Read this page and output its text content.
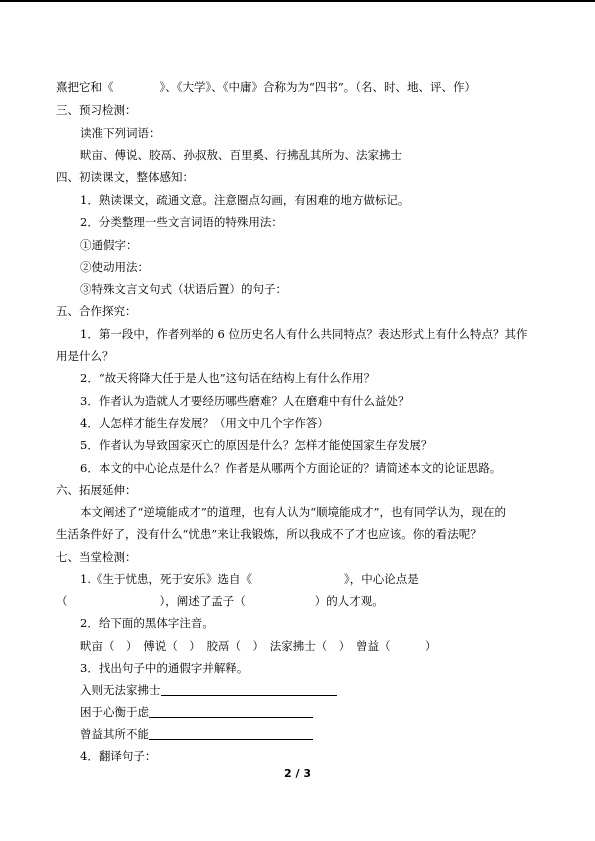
熹把它和《　　　　》、《大学》、《中庸》合称为为“四书”。（名、时、地、评、作）
三、预习检测：
读准下列词语：
畎亩、傅说、胶鬲、孙叔敖、百里奚、行拂乱其所为、法家拂士
四、初读课文，整体感知：
1．熟读课文，疏通文意。注意圈点勾画，有困难的地方做标记。
2．分类整理一些文言词语的特殊用法：
①通假字：
②使动用法：
③特殊文言文句式（状语后置）的句子：
五、合作探究：
1．第一段中，作者列举的 6 位历史名人有什么共同特点？表达形式上有什么特点？其作
用是什么？
2．“故天将降大任于是人也”这句话在结构上有什么作用？
3．作者认为造就人才要经历哪些磨难？人在磨难中有什么益处？
4．人怎样才能生存发展？（用文中几个字作答）
5．作者认为导致国家灭亡的原因是什么？怎样才能使国家生存发展？
6．本文的中心论点是什么？作者是从哪两个方面论证的？请简述本文的论证思路。
六、拓展延伸：
本文阐述了“逆境能成才”的道理，也有人认为“顺境能成才”，也有同学认为，现在的
生活条件好了，没有什么“忧患”来让我锻炼，所以我成不了才也应该。你的看法呢？
七、当堂检测：
1.《生于忧患，死于安乐》选自《　　　　　　　　》，中心论点是
（　　　　　　　　），阐述了孟子（　　　　　　）的人才观。
2．给下面的黑体字注音。
畎亩（　）　傅说（　）　胶鬲（　）　法家拂士（　）　曾益（　　　）
3．找出句子中的通假字并解释。
入则无法家拂士
困于心衡于虑
曾益其所不能
4．翻译句子：
2 / 3
